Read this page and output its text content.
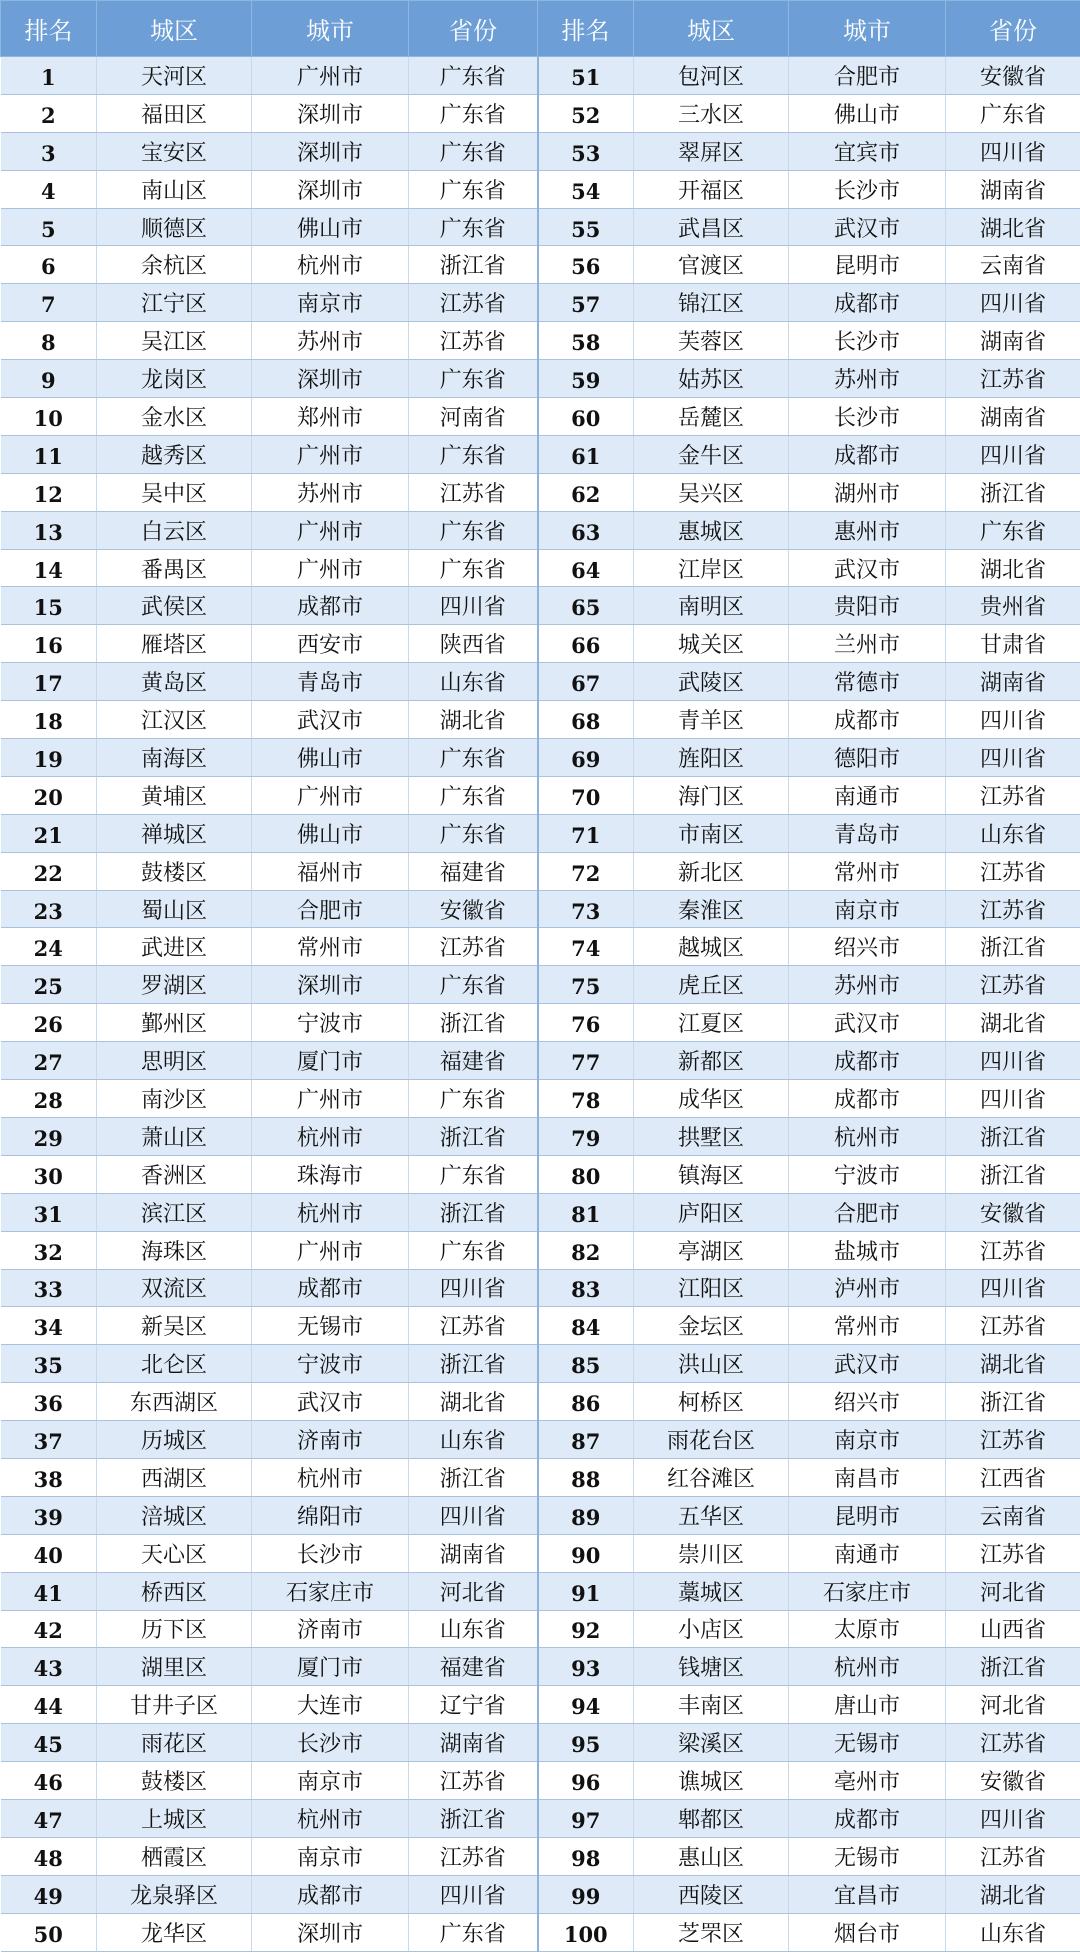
排名	城区	城市	省份	排名	城区	城市	省份
1	天河区	广州市	广东省	51	包河区	合肥市	安徽省
2	福田区	深圳市	广东省	52	三水区	佛山市	广东省
3	宝安区	深圳市	广东省	53	翠屏区	宜宾市	四川省
4	南山区	深圳市	广东省	54	开福区	长沙市	湖南省
5	顺德区	佛山市	广东省	55	武昌区	武汉市	湖北省
6	余杭区	杭州市	浙江省	56	官渡区	昆明市	云南省
7	江宁区	南京市	江苏省	57	锦江区	成都市	四川省
8	吴江区	苏州市	江苏省	58	芙蓉区	长沙市	湖南省
9	龙岗区	深圳市	广东省	59	姑苏区	苏州市	江苏省
10	金水区	郑州市	河南省	60	岳麓区	长沙市	湖南省
11	越秀区	广州市	广东省	61	金牛区	成都市	四川省
12	吴中区	苏州市	江苏省	62	吴兴区	湖州市	浙江省
13	白云区	广州市	广东省	63	惠城区	惠州市	广东省
14	番禺区	广州市	广东省	64	江岸区	武汉市	湖北省
15	武侯区	成都市	四川省	65	南明区	贵阳市	贵州省
16	雁塔区	西安市	陕西省	66	城关区	兰州市	甘肃省
17	黄岛区	青岛市	山东省	67	武陵区	常德市	湖南省
18	江汉区	武汉市	湖北省	68	青羊区	成都市	四川省
19	南海区	佛山市	广东省	69	旌阳区	德阳市	四川省
20	黄埔区	广州市	广东省	70	海门区	南通市	江苏省
21	禅城区	佛山市	广东省	71	市南区	青岛市	山东省
22	鼓楼区	福州市	福建省	72	新北区	常州市	江苏省
23	蜀山区	合肥市	安徽省	73	秦淮区	南京市	江苏省
24	武进区	常州市	江苏省	74	越城区	绍兴市	浙江省
25	罗湖区	深圳市	广东省	75	虎丘区	苏州市	江苏省
26	鄞州区	宁波市	浙江省	76	江夏区	武汉市	湖北省
27	思明区	厦门市	福建省	77	新都区	成都市	四川省
28	南沙区	广州市	广东省	78	成华区	成都市	四川省
29	萧山区	杭州市	浙江省	79	拱墅区	杭州市	浙江省
30	香洲区	珠海市	广东省	80	镇海区	宁波市	浙江省
31	滨江区	杭州市	浙江省	81	庐阳区	合肥市	安徽省
32	海珠区	广州市	广东省	82	亭湖区	盐城市	江苏省
33	双流区	成都市	四川省	83	江阳区	泸州市	四川省
34	新吴区	无锡市	江苏省	84	金坛区	常州市	江苏省
35	北仑区	宁波市	浙江省	85	洪山区	武汉市	湖北省
36	东西湖区	武汉市	湖北省	86	柯桥区	绍兴市	浙江省
37	历城区	济南市	山东省	87	雨花台区	南京市	江苏省
38	西湖区	杭州市	浙江省	88	红谷滩区	南昌市	江西省
39	涪城区	绵阳市	四川省	89	五华区	昆明市	云南省
40	天心区	长沙市	湖南省	90	崇川区	南通市	江苏省
41	桥西区	石家庄市	河北省	91	藁城区	石家庄市	河北省
42	历下区	济南市	山东省	92	小店区	太原市	山西省
43	湖里区	厦门市	福建省	93	钱塘区	杭州市	浙江省
44	甘井子区	大连市	辽宁省	94	丰南区	唐山市	河北省
45	雨花区	长沙市	湖南省	95	梁溪区	无锡市	江苏省
46	鼓楼区	南京市	江苏省	96	谯城区	亳州市	安徽省
47	上城区	杭州市	浙江省	97	郫都区	成都市	四川省
48	栖霞区	南京市	江苏省	98	惠山区	无锡市	江苏省
49	龙泉驿区	成都市	四川省	99	西陵区	宜昌市	湖北省
50	龙华区	深圳市	广东省	100	芝罘区	烟台市	山东省
